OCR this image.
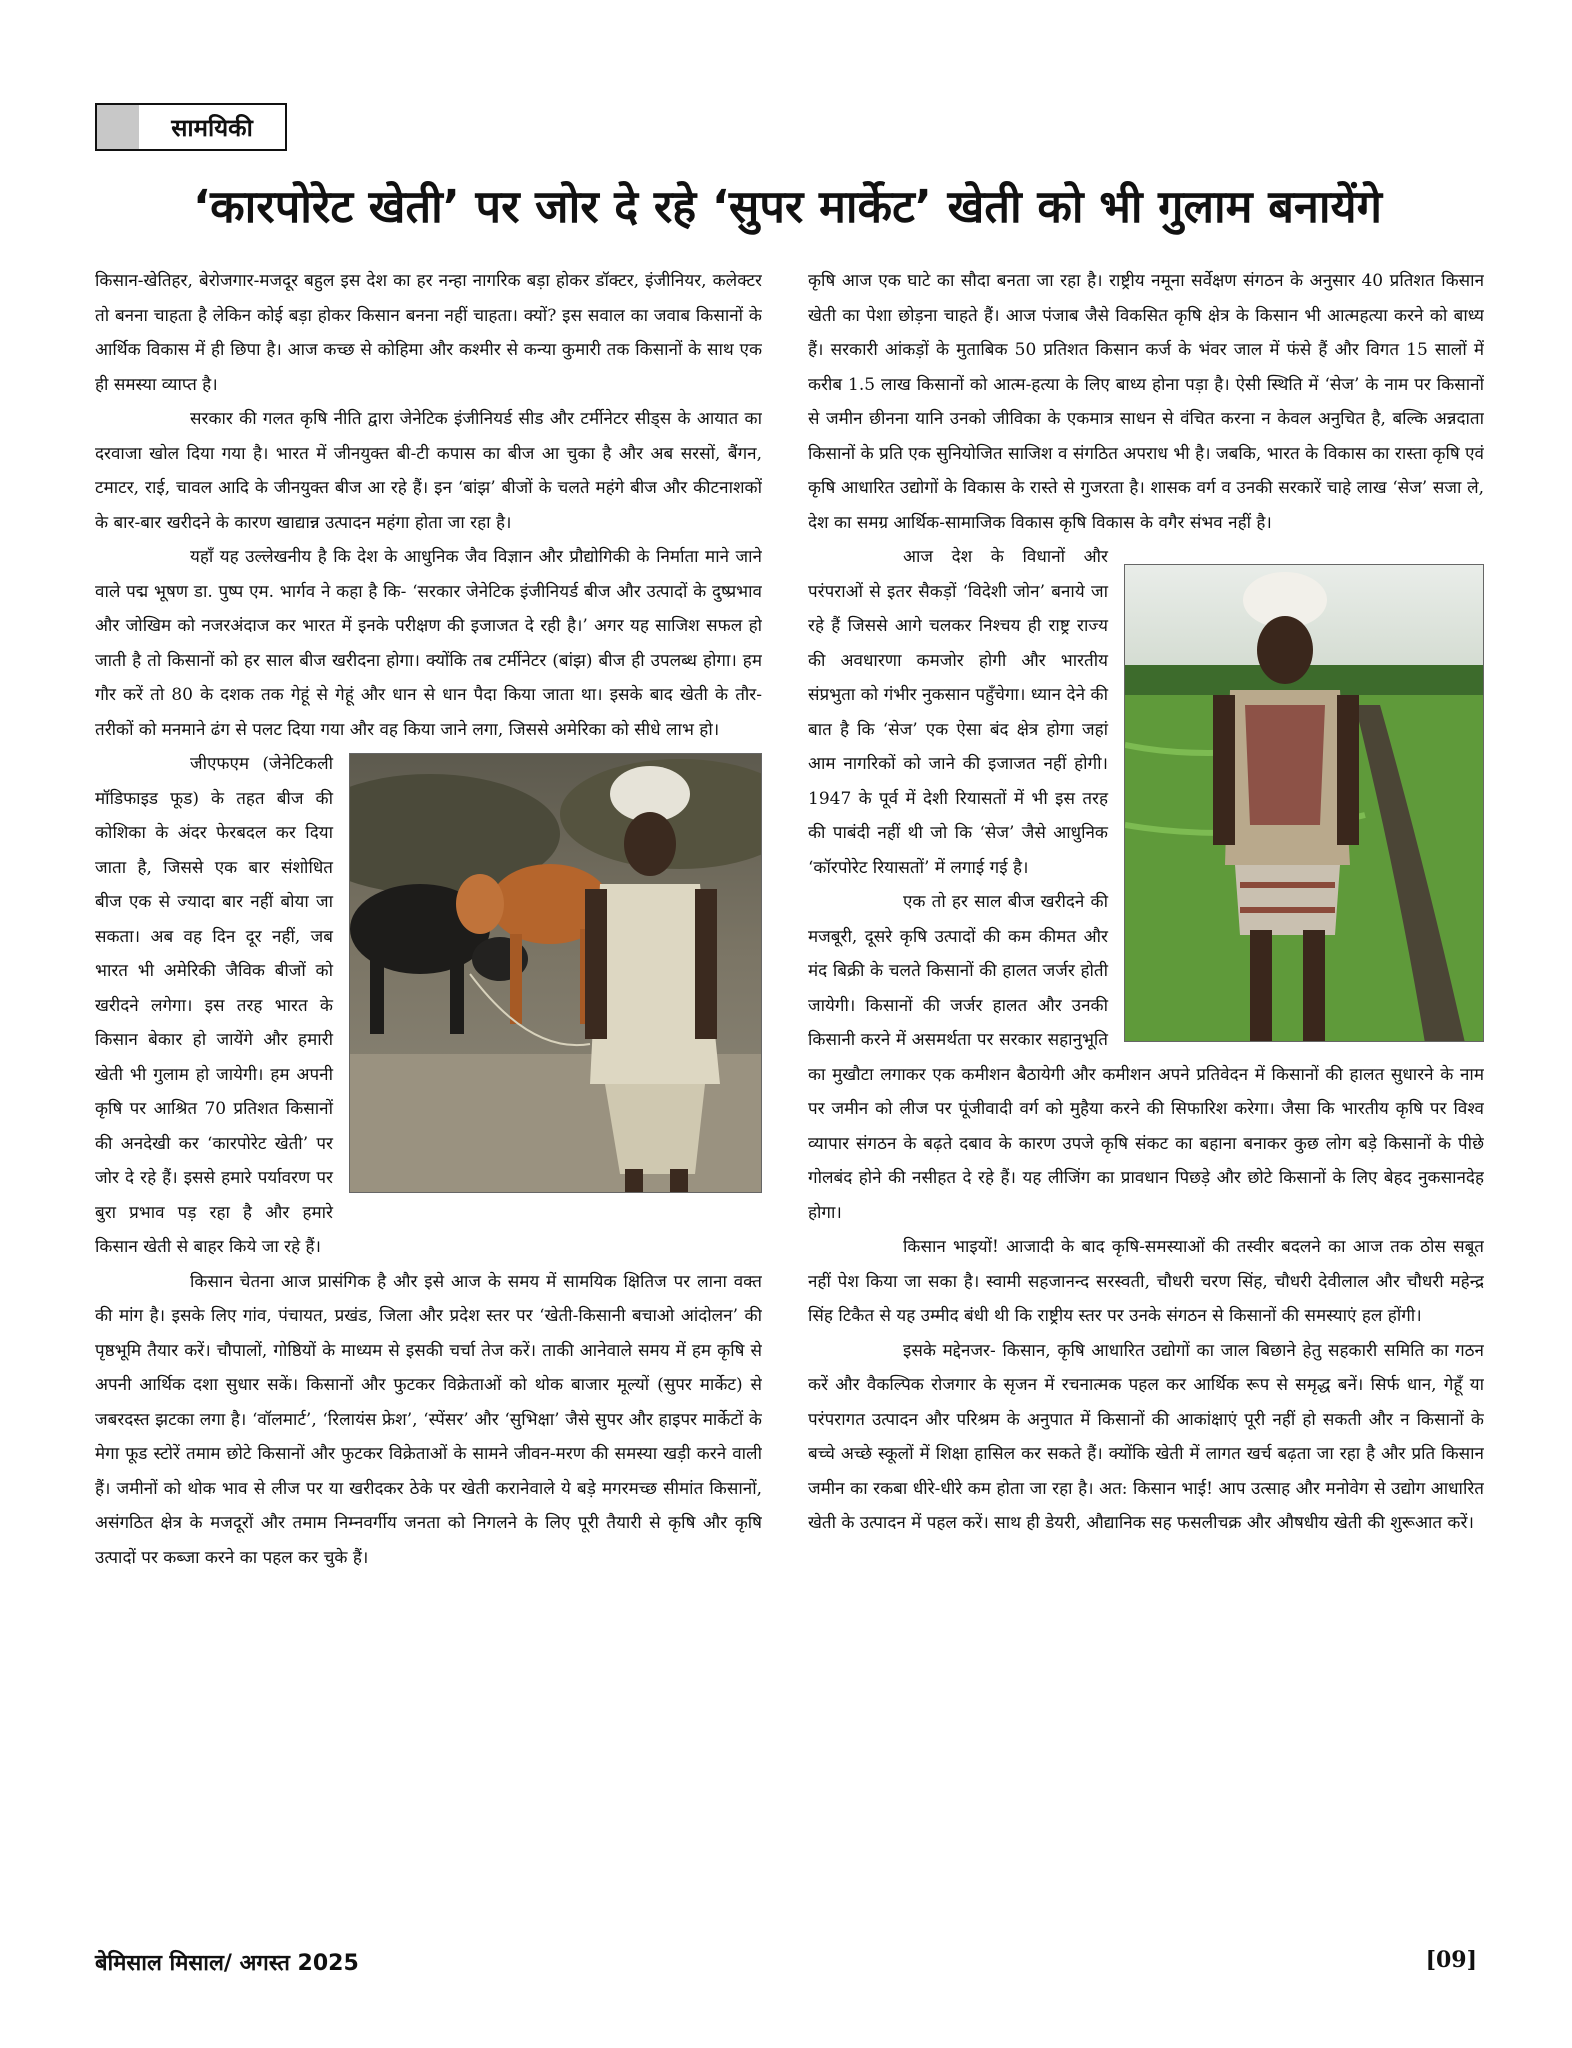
सामयिकी
‘कारपोरेट खेती’ पर जोर दे रहे ‘सुपर मार्केट’ खेती को भी गुलाम बनायेंगे

किसान-खेतिहर, बेरोजगार-मजदूर बहुल इस देश का हर नन्हा नागरिक बड़ा होकर डॉक्टर, इंजीनियर, कलेक्टर तो बनना चाहता है लेकिन कोई बड़ा होकर किसान बनना नहीं चाहता। क्यों? इस सवाल का जवाब किसानों के आर्थिक विकास में ही छिपा है। आज कच्छ से कोहिमा और कश्मीर से कन्या कुमारी तक किसानों के साथ एक ही समस्या व्याप्त है।

सरकार की गलत कृषि नीति द्वारा जेनेटिक इंजीनियर्ड सीड और टर्मीनेटर सीड्स के आयात का दरवाजा खोल दिया गया है। भारत में जीनयुक्त बी-टी कपास का बीज आ चुका है और अब सरसों, बैंगन, टमाटर, राई, चावल आदि के जीनयुक्त बीज आ रहे हैं। इन ‘बांझ’ बीजों के चलते महंगे बीज और कीटनाशकों के बार-बार खरीदने के कारण खाद्यान्न उत्पादन महंगा होता जा रहा है।

यहाँ यह उल्लेखनीय है कि देश के आधुनिक जैव विज्ञान और प्रौद्योगिकी के निर्माता माने जाने वाले पद्म भूषण डा. पुष्प एम. भार्गव ने कहा है कि- ‘सरकार जेनेटिक इंजीनियर्ड बीज और उत्पादों के दुष्प्रभाव और जोखिम को नजरअंदाज कर भारत में इनके परीक्षण की इजाजत दे रही है।’ अगर यह साजिश सफल हो जाती है तो किसानों को हर साल बीज खरीदना होगा। क्योंकि तब टर्मीनेटर (बांझ) बीज ही उपलब्ध होगा। हम गौर करें तो 80 के दशक तक गेहूं से गेहूं और धान से धान पैदा किया जाता था। इसके बाद खेती के तौर-तरीकों को मनमाने ढंग से पलट दिया गया और वह किया जाने लगा, जिससे अमेरिका को सीधे लाभ हो।

जीएफएम (जेनेटिकली मॉडिफाइड फूड) के तहत बीज की कोशिका के अंदर फेरबदल कर दिया जाता है, जिससे एक बार संशोधित बीज एक से ज्यादा बार नहीं बोया जा सकता। अब वह दिन दूर नहीं, जब भारत भी अमेरिकी जैविक बीजों को खरीदने लगेगा। इस तरह भारत के किसान बेकार हो जायेंगे और हमारी खेती भी गुलाम हो जायेगी। हम अपनी कृषि पर आश्रित 70 प्रतिशत किसानों की अनदेखी कर ‘कारपोरेट खेती’ पर जोर दे रहे हैं। इससे हमारे पर्यावरण पर बुरा प्रभाव पड़ रहा है और हमारे किसान खेती से बाहर किये जा रहे हैं।

किसान चेतना आज प्रासंगिक है और इसे आज के समय में सामयिक क्षितिज पर लाना वक्त की मांग है। इसके लिए गांव, पंचायत, प्रखंड, जिला और प्रदेश स्तर पर ‘खेती-किसानी बचाओ आंदोलन’ की पृष्ठभूमि तैयार करें। चौपालों, गोष्ठियों के माध्यम से इसकी चर्चा तेज करें। ताकी आनेवाले समय में हम कृषि से अपनी आर्थिक दशा सुधार सकें। किसानों और फुटकर विक्रेताओं को थोक बाजार मूल्यों (सुपर मार्केट) से जबरदस्त झटका लगा है। ‘वॉलमार्ट’, ‘रिलायंस फ्रेश’, ‘स्पेंसर’ और ‘सुभिक्षा’ जैसे सुपर और हाइपर मार्केटों के मेगा फूड स्टोरें तमाम छोटे किसानों और फुटकर विक्रेताओं के सामने जीवन-मरण की समस्या खड़ी करने वाली हैं। जमीनों को थोक भाव से लीज पर या खरीदकर ठेके पर खेती करानेवाले ये बड़े मगरमच्छ सीमांत किसानों, असंगठित क्षेत्र के मजदूरों और तमाम निम्नवर्गीय जनता को निगलने के लिए पूरी तैयारी से कृषि और कृषि उत्पादों पर कब्जा करने का पहल कर चुके हैं।

कृषि आज एक घाटे का सौदा बनता जा रहा है। राष्ट्रीय नमूना सर्वेक्षण संगठन के अनुसार 40 प्रतिशत किसान खेती का पेशा छोड़ना चाहते हैं। आज पंजाब जैसे विकसित कृषि क्षेत्र के किसान भी आत्महत्या करने को बाध्य हैं। सरकारी आंकड़ों के मुताबिक 50 प्रतिशत किसान कर्ज के भंवर जाल में फंसे हैं और विगत 15 सालों में करीब 1.5 लाख किसानों को आत्म-हत्या के लिए बाध्य होना पड़ा है। ऐसी स्थिति में ‘सेज’ के नाम पर किसानों से जमीन छीनना यानि उनको जीविका के एकमात्र साधन से वंचित करना न केवल अनुचित है, बल्कि अन्नदाता किसानों के प्रति एक सुनियोजित साजिश व संगठित अपराध भी है। जबकि, भारत के विकास का रास्ता कृषि एवं कृषि आधारित उद्योगों के विकास के रास्ते से गुजरता है। शासक वर्ग व उनकी सरकारें चाहे लाख ‘सेज’ सजा ले, देश का समग्र आर्थिक-सामाजिक विकास कृषि विकास के वगैर संभव नहीं है।

आज देश के विधानों और परंपराओं से इतर सैकड़ों ‘विदेशी जोन’ बनाये जा रहे हैं जिससे आगे चलकर निश्चय ही राष्ट्र राज्य की अवधारणा कमजोर होगी और भारतीय संप्रभुता को गंभीर नुकसान पहुँचेगा। ध्यान देने की बात है कि ‘सेज’ एक ऐसा बंद क्षेत्र होगा जहां आम नागरिकों को जाने की इजाजत नहीं होगी। 1947 के पूर्व में देशी रियासतों में भी इस तरह की पाबंदी नहीं थी जो कि ‘सेज’ जैसे आधुनिक ‘कॉरपोरेट रियासतों’ में लगाई गई है।

एक तो हर साल बीज खरीदने की मजबूरी, दूसरे कृषि उत्पादों की कम कीमत और मंद बिक्री के चलते किसानों की हालत जर्जर होती जायेगी। किसानों की जर्जर हालत और उनकी किसानी करने में असमर्थता पर सरकार सहानुभूति का मुखौटा लगाकर एक कमीशन बैठायेगी और कमीशन अपने प्रतिवेदन में किसानों की हालत सुधारने के नाम पर जमीन को लीज पर पूंजीवादी वर्ग को मुहैया करने की सिफारिश करेगा। जैसा कि भारतीय कृषि पर विश्व व्यापार संगठन के बढ़ते दबाव के कारण उपजे कृषि संकट का बहाना बनाकर कुछ लोग बड़े किसानों के पीछे गोलबंद होने की नसीहत दे रहे हैं। यह लीजिंग का प्रावधान पिछड़े और छोटे किसानों के लिए बेहद नुकसानदेह होगा।

किसान भाइयों! आजादी के बाद कृषि-समस्याओं की तस्वीर बदलने का आज तक ठोस सबूत नहीं पेश किया जा सका है। स्वामी सहजानन्द सरस्वती, चौधरी चरण सिंह, चौधरी देवीलाल और चौधरी महेन्द्र सिंह टिकैत से यह उम्मीद बंधी थी कि राष्ट्रीय स्तर पर उनके संगठन से किसानों की समस्याएं हल होंगी।

इसके मद्देनजर- किसान, कृषि आधारित उद्योगों का जाल बिछाने हेतु सहकारी समिति का गठन करें और वैकल्पिक रोजगार के सृजन में रचनात्मक पहल कर आर्थिक रूप से समृद्ध बनें। सिर्फ धान, गेहूँ या परंपरागत उत्पादन और परिश्रम के अनुपात में किसानों की आकांक्षाएं पूरी नहीं हो सकती और न किसानों के बच्चे अच्छे स्कूलों में शिक्षा हासिल कर सकते हैं। क्योंकि खेती में लागत खर्च बढ़ता जा रहा है और प्रति किसान जमीन का रकबा धीरे-धीरे कम होता जा रहा है। अत: किसान भाई! आप उत्साह और मनोवेग से उद्योग आधारित खेती के उत्पादन में पहल करें। साथ ही डेयरी, औद्यानिक सह फसलीचक्र और औषधीय खेती की शुरूआत करें।

बेमिसाल मिसाल/ अगस्त 2025	[09]
